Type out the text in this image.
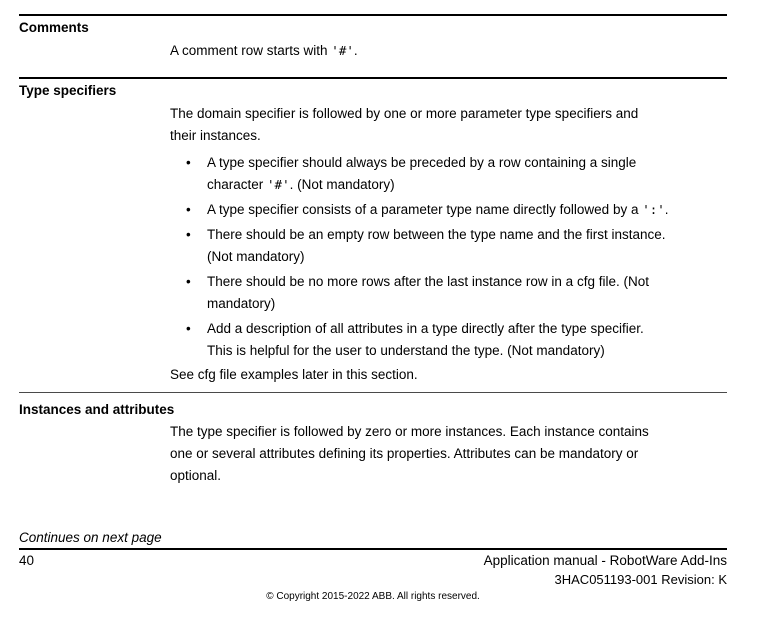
Comments
A comment row starts with '#'.
Type specifiers
The domain specifier is followed by one or more parameter type specifiers and
their instances.
• A type specifier should always be preceded by a row containing a single
character '#'. (Not mandatory)
• A type specifier consists of a parameter type name directly followed by a ':'.
• There should be an empty row between the type name and the first instance.
(Not mandatory)
• There should be no more rows after the last instance row in a cfg file. (Not
mandatory)
• Add a description of all attributes in a type directly after the type specifier.
This is helpful for the user to understand the type. (Not mandatory)
See cfg file examples later in this section.
Instances and attributes
The type specifier is followed by zero or more instances. Each instance contains
one or several attributes defining its properties. Attributes can be mandatory or
optional.
Continues on next page
40	Application manual - RobotWare Add-Ins
3HAC051193-001 Revision: K
© Copyright 2015-2022 ABB. All rights reserved.
